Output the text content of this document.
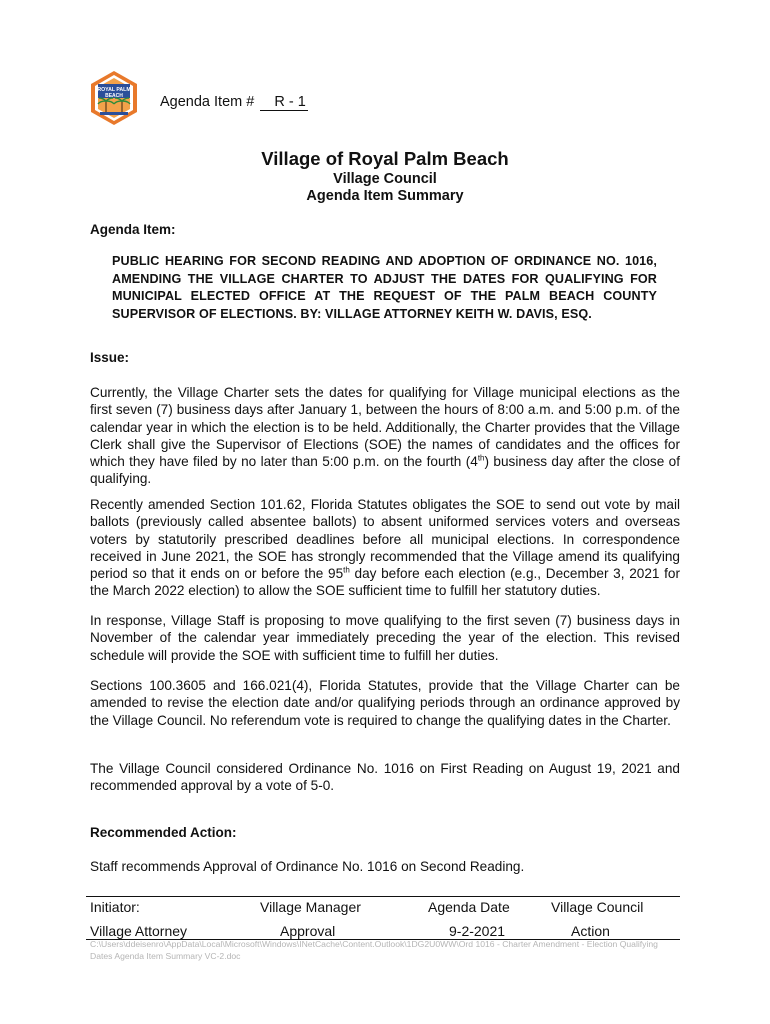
ROYAL PALM
BEACH	Agenda Item # R - 1
Village of Royal Palm Beach
Village Council
Agenda Item Summary
Agenda Item:
PUBLIC HEARING FOR SECOND READING AND ADOPTION OF ORDINANCE NO. 1016, AMENDING THE VILLAGE CHARTER TO ADJUST THE DATES FOR QUALIFYING FOR MUNICIPAL ELECTED OFFICE AT THE REQUEST OF THE PALM BEACH COUNTY SUPERVISOR OF ELECTIONS. BY: VILLAGE ATTORNEY KEITH W. DAVIS, ESQ.
Issue:
Currently, the Village Charter sets the dates for qualifying for Village municipal elections as the first seven (7) business days after January 1, between the hours of 8:00 a.m. and 5:00 p.m. of the calendar year in which the election is to be held. Additionally, the Charter provides that the Village Clerk shall give the Supervisor of Elections (SOE) the names of candidates and the offices for which they have filed by no later than 5:00 p.m. on the fourth (4th) business day after the close of qualifying.
Recently amended Section 101.62, Florida Statutes obligates the SOE to send out vote by mail ballots (previously called absentee ballots) to absent uniformed services voters and overseas voters by statutorily prescribed deadlines before all municipal elections. In correspondence received in June 2021, the SOE has strongly recommended that the Village amend its qualifying period so that it ends on or before the 95th day before each election (e.g., December 3, 2021 for the March 2022 election) to allow the SOE sufficient time to fulfill her statutory duties.
In response, Village Staff is proposing to move qualifying to the first seven (7) business days in November of the calendar year immediately preceding the year of the election. This revised schedule will provide the SOE with sufficient time to fulfill her duties.
Sections 100.3605 and 166.021(4), Florida Statutes, provide that the Village Charter can be amended to revise the election date and/or qualifying periods through an ordinance approved by the Village Council. No referendum vote is required to change the qualifying dates in the Charter.
The Village Council considered Ordinance No. 1016 on First Reading on August 19, 2021 and recommended approval by a vote of 5-0.
Recommended Action:
Staff recommends Approval of Ordinance No. 1016 on Second Reading.
Initiator:	Village Manager	Agenda Date	Village Council
Village Attorney	Approval	9-2-2021	Action
C:\Users\ddeisenro\AppData\Local\Microsoft\Windows\INetCache\Content.Outlook\1DG2U0WW\Ord 1016 - Charter Amendment - Election Qualifying Dates Agenda Item Summary VC-2.doc
